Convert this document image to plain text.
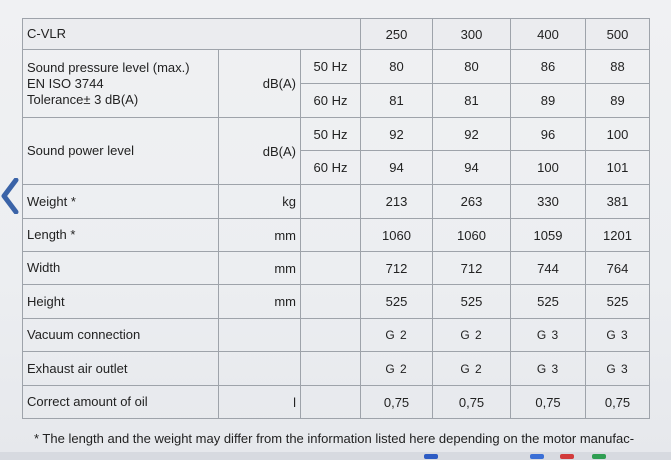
C-VLR			250	300	400	500

Sound pressure level (max.)
EN ISO 3744
Tolerance± 3 dB(A)	dB(A)	50 Hz	80	80	86	88
		60 Hz	81	81	89	89
Sound power level	dB(A)	50 Hz	92	92	96	100
		60 Hz	94	94	100	101
Weight *	kg		213	263	330	381
Length *	mm		1060	1060	1059	1201
Width	mm		712	712	744	764
Height	mm		525	525	525	525
Vacuum connection			G 2	G 2	G 3	G 3
Exhaust air outlet			G 2	G 2	G 3	G 3
Correct amount of oil	l		0,75	0,75	0,75	0,75
* The length and the weight may differ from the information listed here depending on the motor manufac-
